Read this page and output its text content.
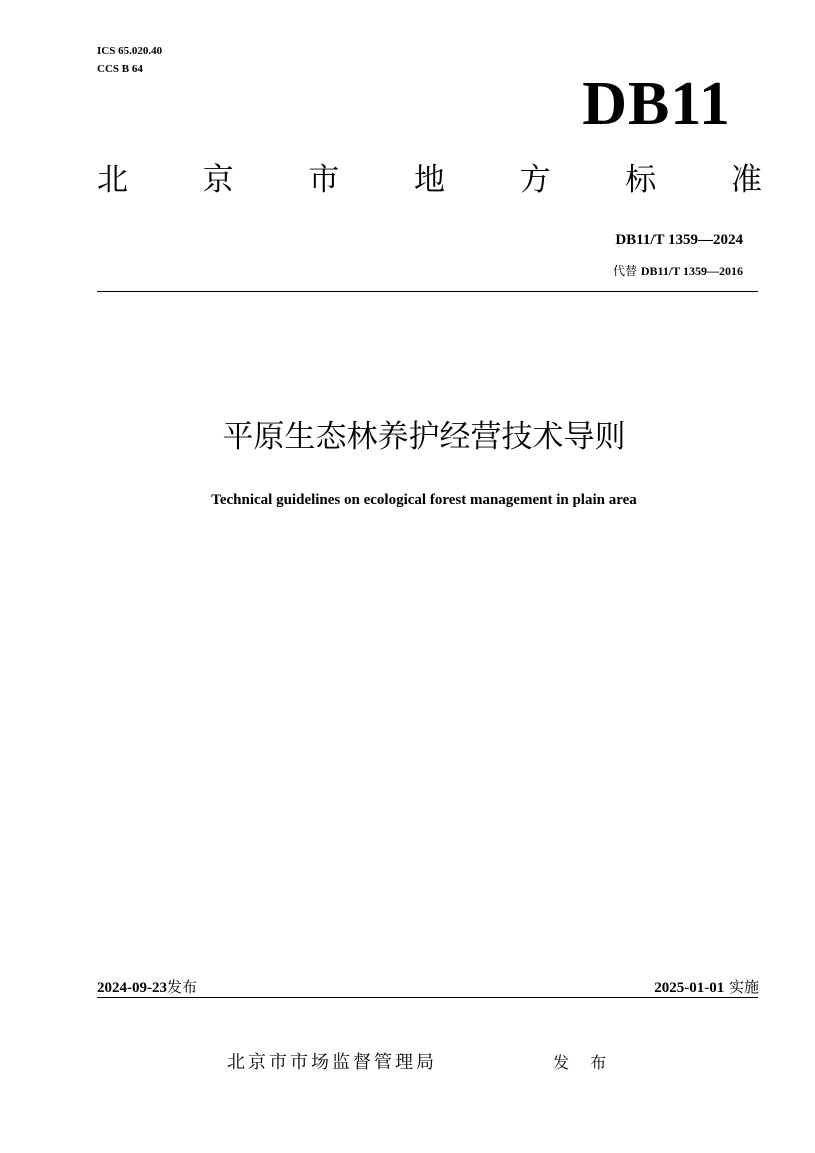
ICS 65.020.40
CCS B 64
DB11
北 京 市 地 方 标 准
DB11/T 1359—2024
代替 DB11/T 1359—2016
平原生态林养护经营技术导则
Technical guidelines on ecological forest management in plain area
2024-09-23发布	2025-01-01 实施
北京市市场监督管理局	发 布
